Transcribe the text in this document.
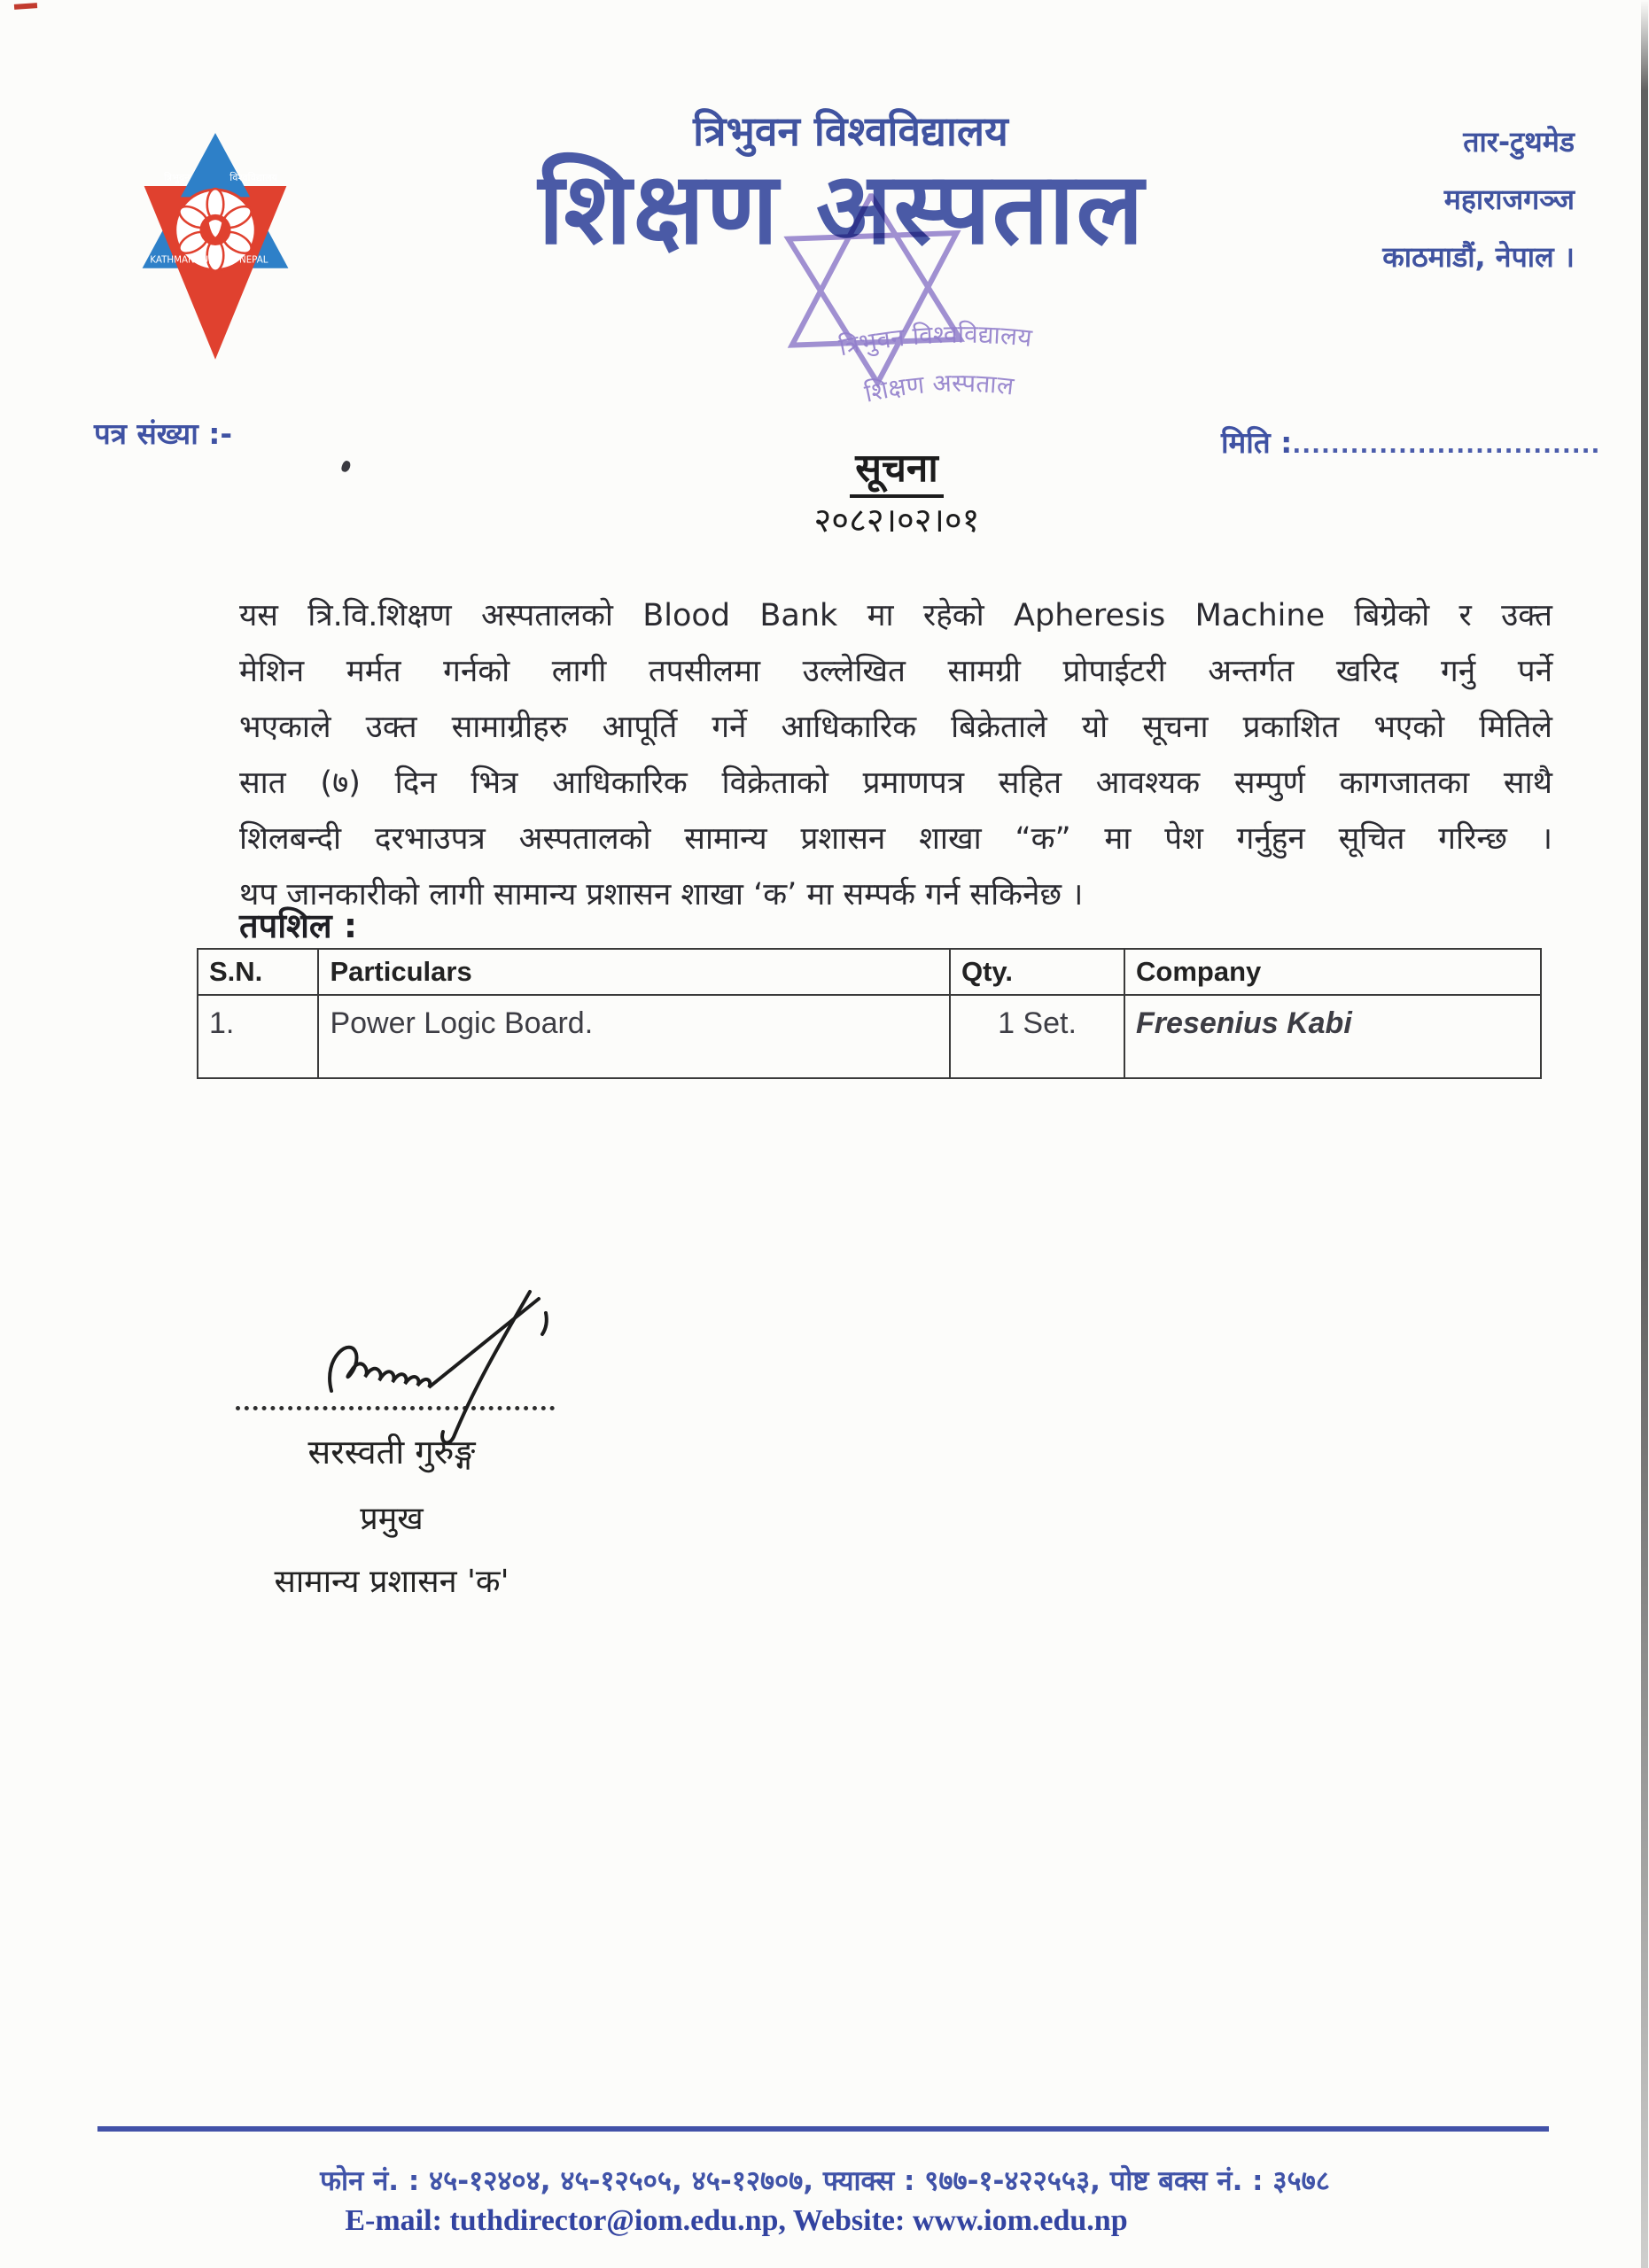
त्रिभुवन	विश्वविद्यालय
KATHMANDU,	NEPAL
त्रिभुवन विश्वविद्यालय
शिक्षण अस्पताल
तार-टुथमेड
महाराजगञ्ज
काठमाडौं, नेपाल ।
त्रिभुवन विश्वविद्यालय
शिक्षण अस्पताल
पत्र संख्या :-	मिति :................................
सूचना
२०८२।०२।०१
यस त्रि.वि.शिक्षण अस्पतालको Blood Bank मा रहेको Apheresis Machine बिग्रेको र उक्त
मेशिन मर्मत गर्नको लागी तपसीलमा उल्लेखित सामग्री प्रोपाईटरी अन्तर्गत खरिद गर्नु पर्ने
भएकाले उक्त सामाग्रीहरु आपूर्ति गर्ने आधिकारिक बिक्रेताले यो सूचना प्रकाशित भएको मितिले
सात (७) दिन भित्र आधिकारिक विक्रेताको प्रमाणपत्र सहित आवश्यक सम्पुर्ण कागजातका साथै
शिलबन्दी दरभाउपत्र अस्पतालको सामान्य प्रशासन शाखा “क” मा पेश गर्नुहुन सूचित गरिन्छ ।
थप जानकारीको लागी सामान्य प्रशासन शाखा ‘क’ मा सम्पर्क गर्न सकिनेछ ।
तपशिल :
S.N.	Particulars	Qty.	Company
1.	Power Logic Board.	1 Set.	Fresenius Kabi
सरस्वती गुरुङ्ग
प्रमुख
सामान्य प्रशासन 'क'
फोन नं. : ४५-१२४०४, ४५-१२५०५, ४५-१२७०७, फ्याक्स : ९७७-१-४२२५५३, पोष्ट बक्स नं. : ३५७८
E-mail: tuthdirector@iom.edu.np, Website: www.iom.edu.np
